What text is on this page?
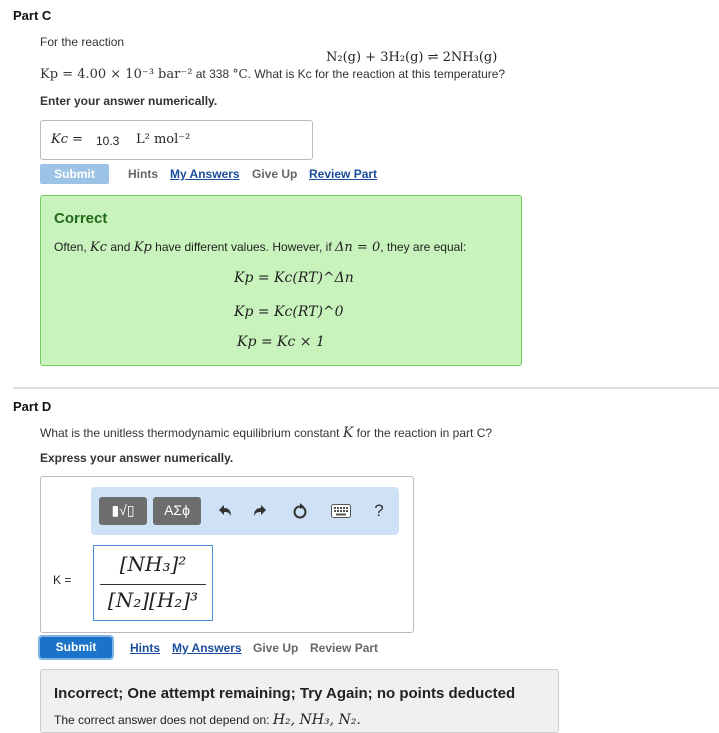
Part C
For the reaction
N₂(g) + 3H₂(g) ⇌ 2NH₃(g)
Kp = 4.00 × 10⁻³ bar⁻² at 338 °C. What is Kc for the reaction at this temperature?
Enter your answer numerically.
Kc = 10.3 L² mol⁻²
Submit	Hints My Answers Give Up Review Part
Correct
Often, Kc and Kp have different values. However, if Δn = 0, they are equal:
Kp = Kc(RT)^Δn
Kp = Kc(RT)^0
Kp = Kc × 1
Part D
What is the unitless thermodynamic equilibrium constant K for the reaction in part C?
Express your answer numerically.
▮√▯	ΑΣϕ	?
K =
[NH₃]²
[N₂][H₂]³
Submit	Hints My Answers Give Up Review Part
Incorrect; One attempt remaining; Try Again; no points deducted
The correct answer does not depend on: H₂, NH₃, N₂.
